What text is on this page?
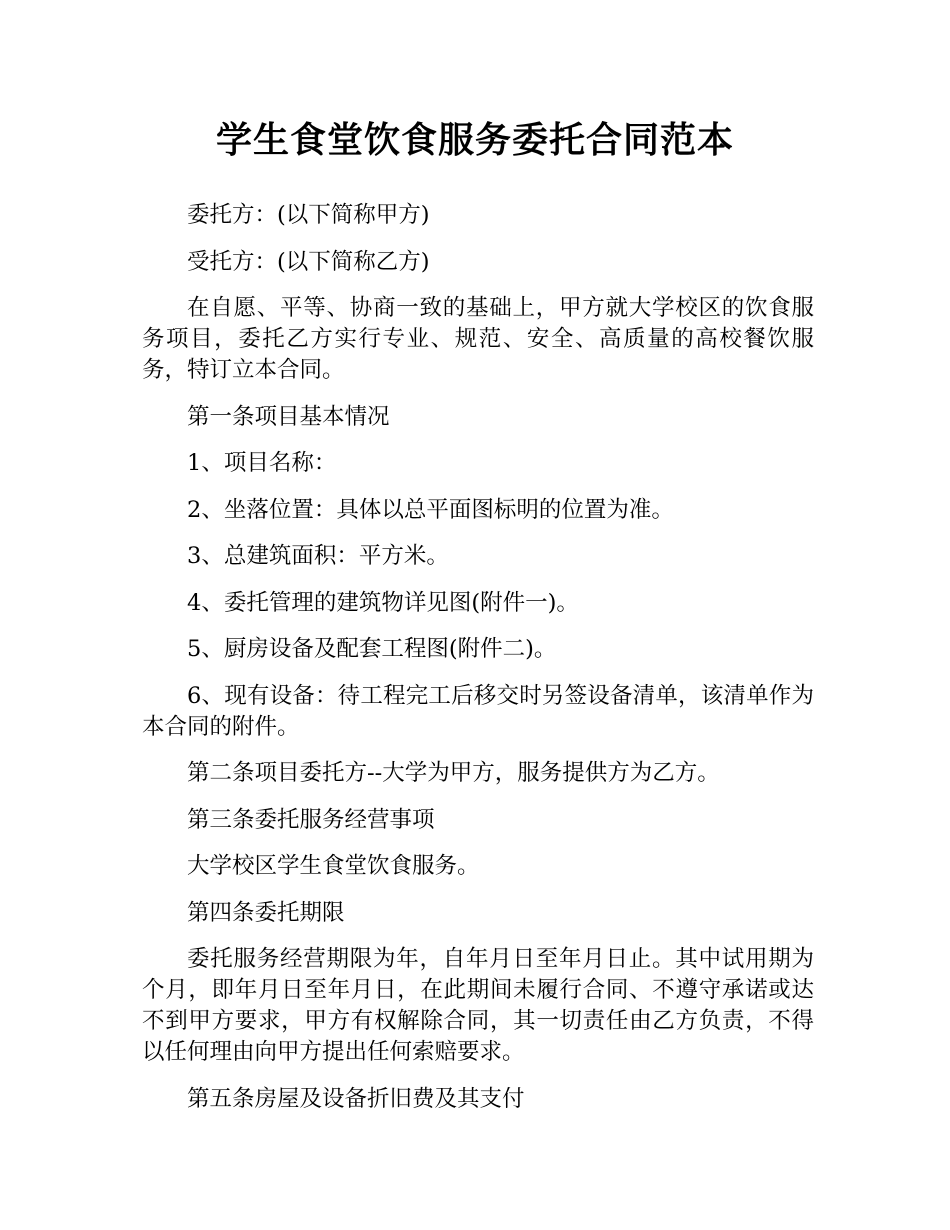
学生食堂饮食服务委托合同范本

委托方：(以下简称甲方)

受托方：(以下简称乙方)

在自愿、平等、协商一致的基础上，甲方就大学校区的饮食服务项目，委托乙方实行专业、规范、安全、高质量的高校餐饮服务，特订立本合同。

第一条项目基本情况

1、项目名称：

2、坐落位置：具体以总平面图标明的位置为准。

3、总建筑面积：平方米。

4、委托管理的建筑物详见图(附件一)。

5、厨房设备及配套工程图(附件二)。

6、现有设备：待工程完工后移交时另签设备清单，该清单作为本合同的附件。

第二条项目委托方--大学为甲方，服务提供方为乙方。

第三条委托服务经营事项

大学校区学生食堂饮食服务。

第四条委托期限

委托服务经营期限为年，自年月日至年月日止。其中试用期为个月，即年月日至年月日，在此期间未履行合同、不遵守承诺或达不到甲方要求，甲方有权解除合同，其一切责任由乙方负责，不得以任何理由向甲方提出任何索赔要求。

第五条房屋及设备折旧费及其支付
